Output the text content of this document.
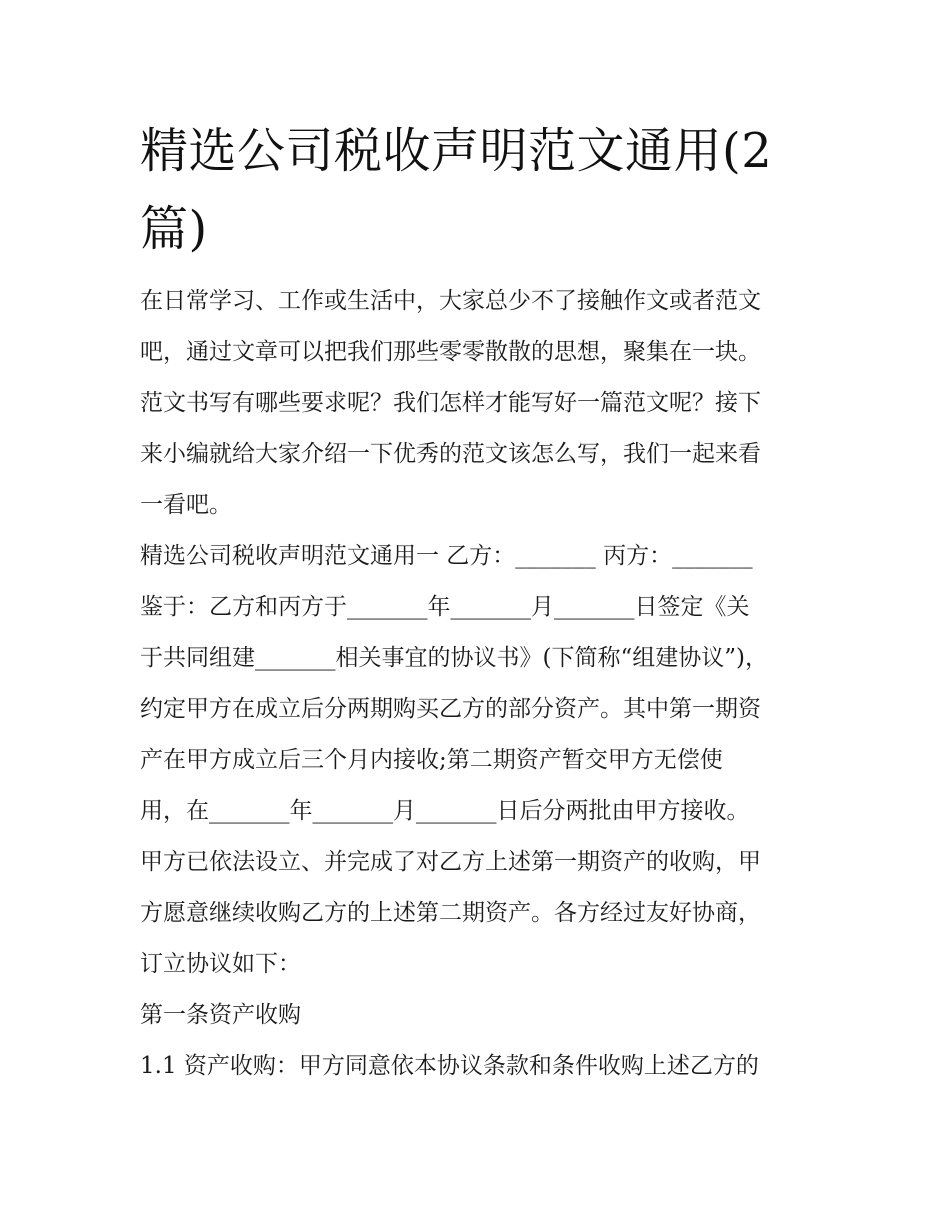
精选公司税收声明范文通用(2
篇)
在日常学习、工作或生活中，大家总少不了接触作文或者范文
吧，通过文章可以把我们那些零零散散的思想，聚集在一块。
范文书写有哪些要求呢？我们怎样才能写好一篇范文呢？接下
来小编就给大家介绍一下优秀的范文该怎么写，我们一起来看
一看吧。
精选公司税收声明范文通用一 乙方：_______ 丙方：_______
鉴于：乙方和丙方于_______年_______月_______日签定《关
于共同组建_______相关事宜的协议书》(下简称“组建协议”)，
约定甲方在成立后分两期购买乙方的部分资产。其中第一期资
产在甲方成立后三个月内接收;第二期资产暂交甲方无偿使
用，在_______年_______月_______日后分两批由甲方接收。
甲方已依法设立、并完成了对乙方上述第一期资产的收购，甲
方愿意继续收购乙方的上述第二期资产。各方经过友好协商，
订立协议如下：
第一条资产收购
1.1 资产收购：甲方同意依本协议条款和条件收购上述乙方的
